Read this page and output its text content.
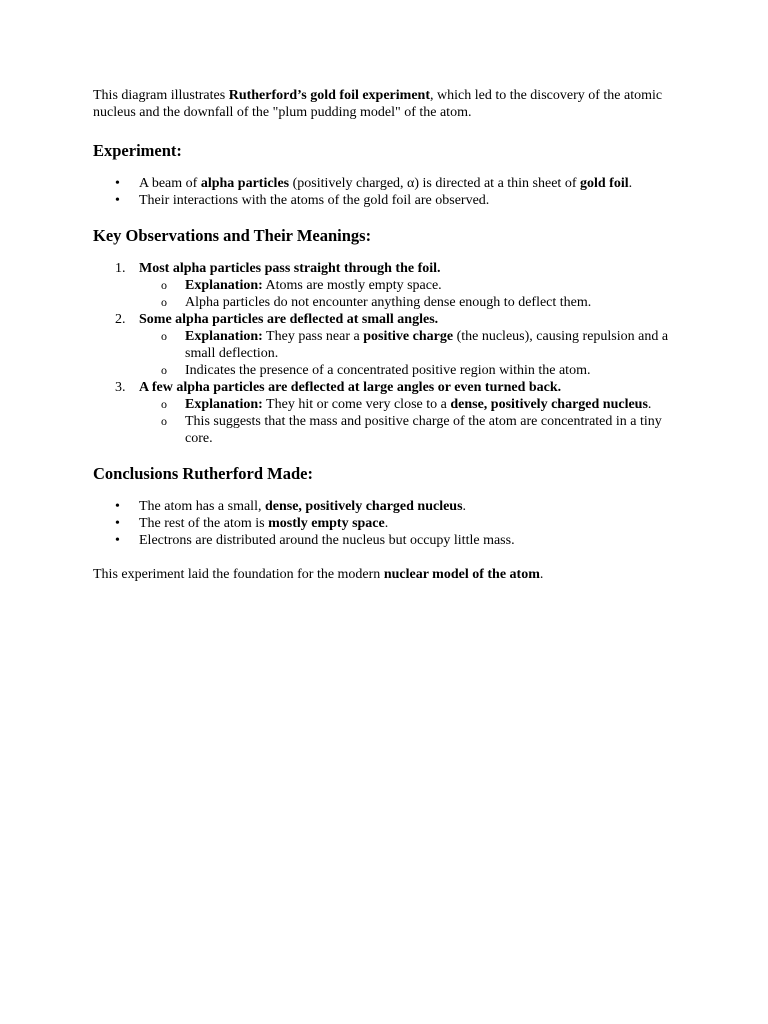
This diagram illustrates Rutherford’s gold foil experiment, which led to the discovery of the atomic nucleus and the downfall of the "plum pudding model" of the atom.

Experiment:
•	A beam of alpha particles (positively charged, α) is directed at a thin sheet of gold foil.
•	Their interactions with the atoms of the gold foil are observed.
Key Observations and Their Meanings:
1. Most alpha particles pass straight through the foil.
o Explanation: Atoms are mostly empty space.
o Alpha particles do not encounter anything dense enough to deflect them.
2. Some alpha particles are deflected at small angles.
o Explanation: They pass near a positive charge (the nucleus), causing repulsion and a small deflection.
o Indicates the presence of a concentrated positive region within the atom.
3. A few alpha particles are deflected at large angles or even turned back.
o Explanation: They hit or come very close to a dense, positively charged nucleus.
o This suggests that the mass and positive charge of the atom are concentrated in a tiny core.
Conclusions Rutherford Made:
•	The atom has a small, dense, positively charged nucleus.
•	The rest of the atom is mostly empty space.
•	Electrons are distributed around the nucleus but occupy little mass.

This experiment laid the foundation for the modern nuclear model of the atom.
